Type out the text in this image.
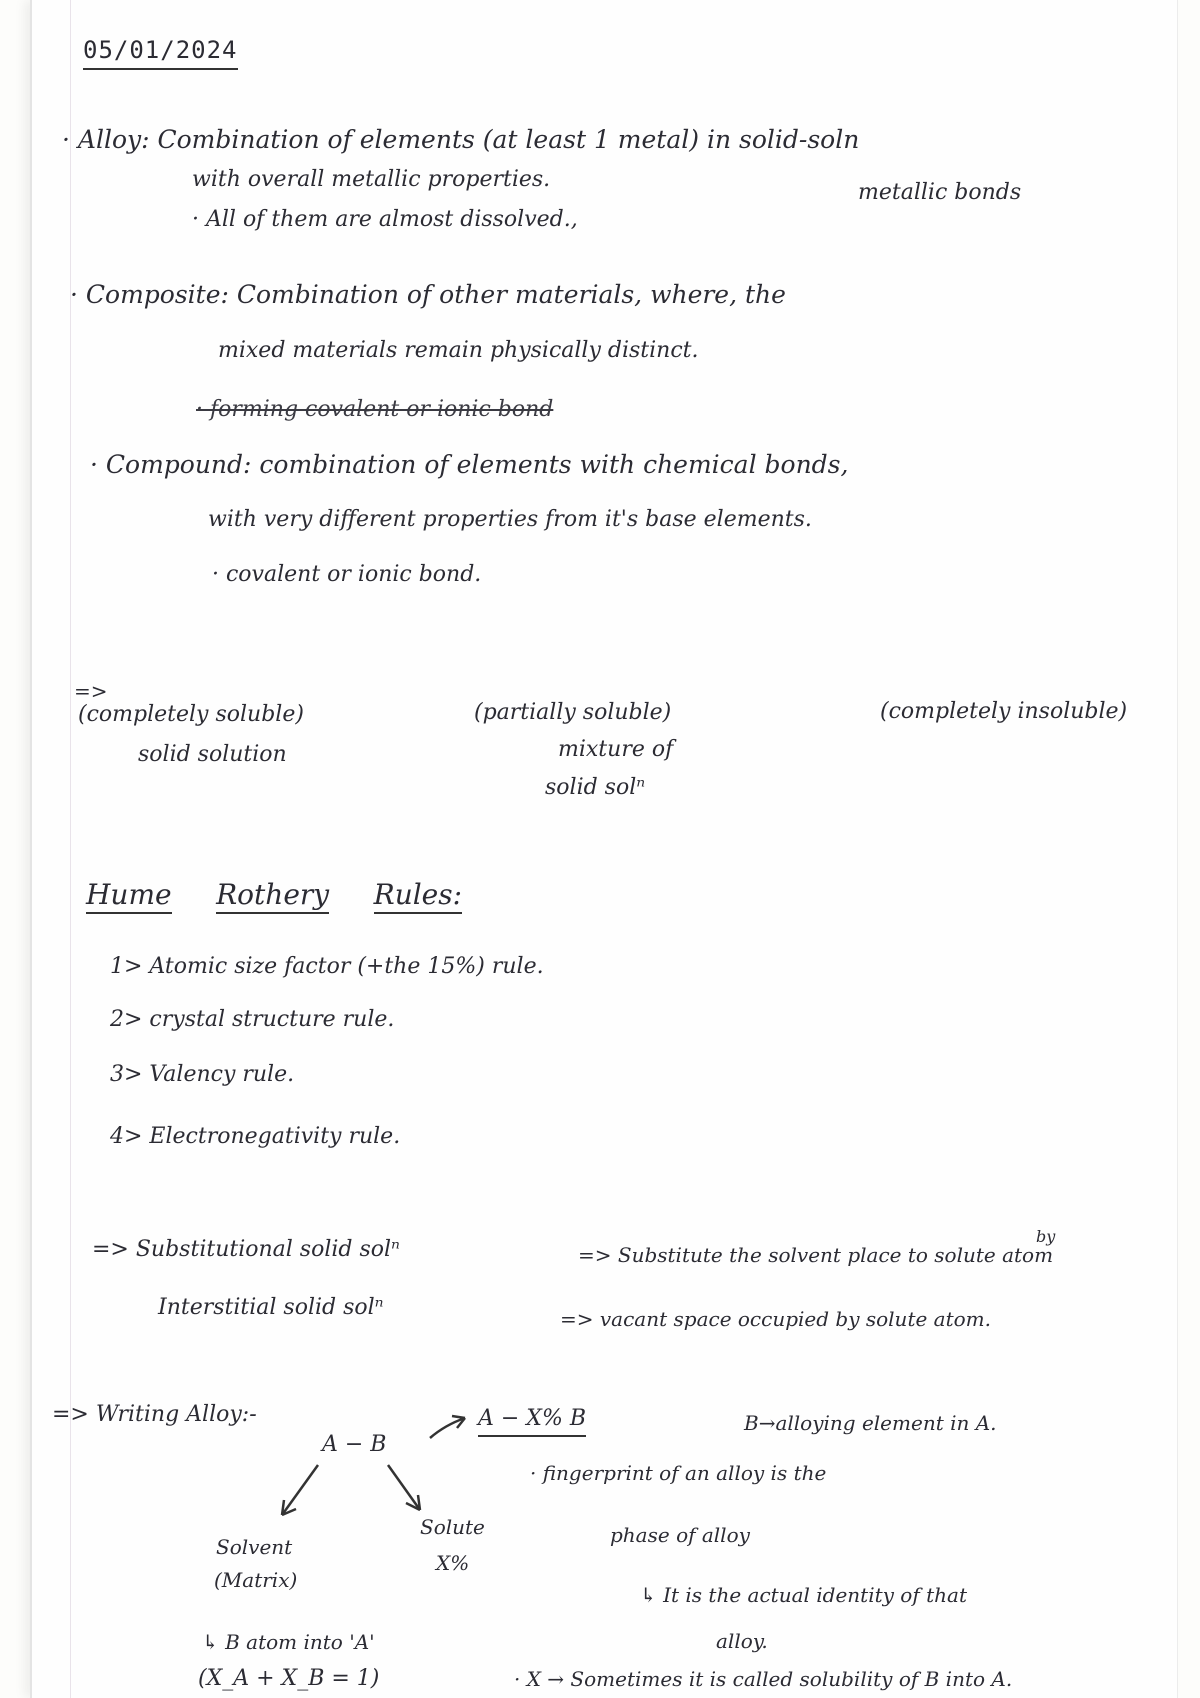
05/01/2024
· Alloy: Combination of elements (at least 1 metal) in solid-soln
with overall metallic properties.
· All of them are almost dissolved.,
metallic bonds
· Composite: Combination of other materials, where, the
mixed materials remain physically distinct.
· forming covalent or ionic bond
· Compound: combination of elements with chemical bonds,
with very different properties from it's base elements.
· covalent or ionic bond.
=>
(completely soluble)
solid solution
(partially soluble)
mixture of
solid solⁿ
(completely insoluble)
Hume Rothery Rules:
1> Atomic size factor (+the 15%) rule.
2> crystal structure rule.
3> Valency rule.
4> Electronegativity rule.
=> Substitutional solid solⁿ	=> Substitute the solvent place to solute atom
by
Interstitial solid solⁿ	=> vacant space occupied by solute atom.
=> Writing Alloy:-
A − B
A − X% B	B→alloying element in A.
Solvent
(Matrix)
Solute
X%
· fingerprint of an alloy is the
phase of alloy
↳ It is the actual identity of that
alloy.
↳ B atom into 'A'
(X_A + X_B = 1)	· X → Sometimes it is called solubility of B into A.
